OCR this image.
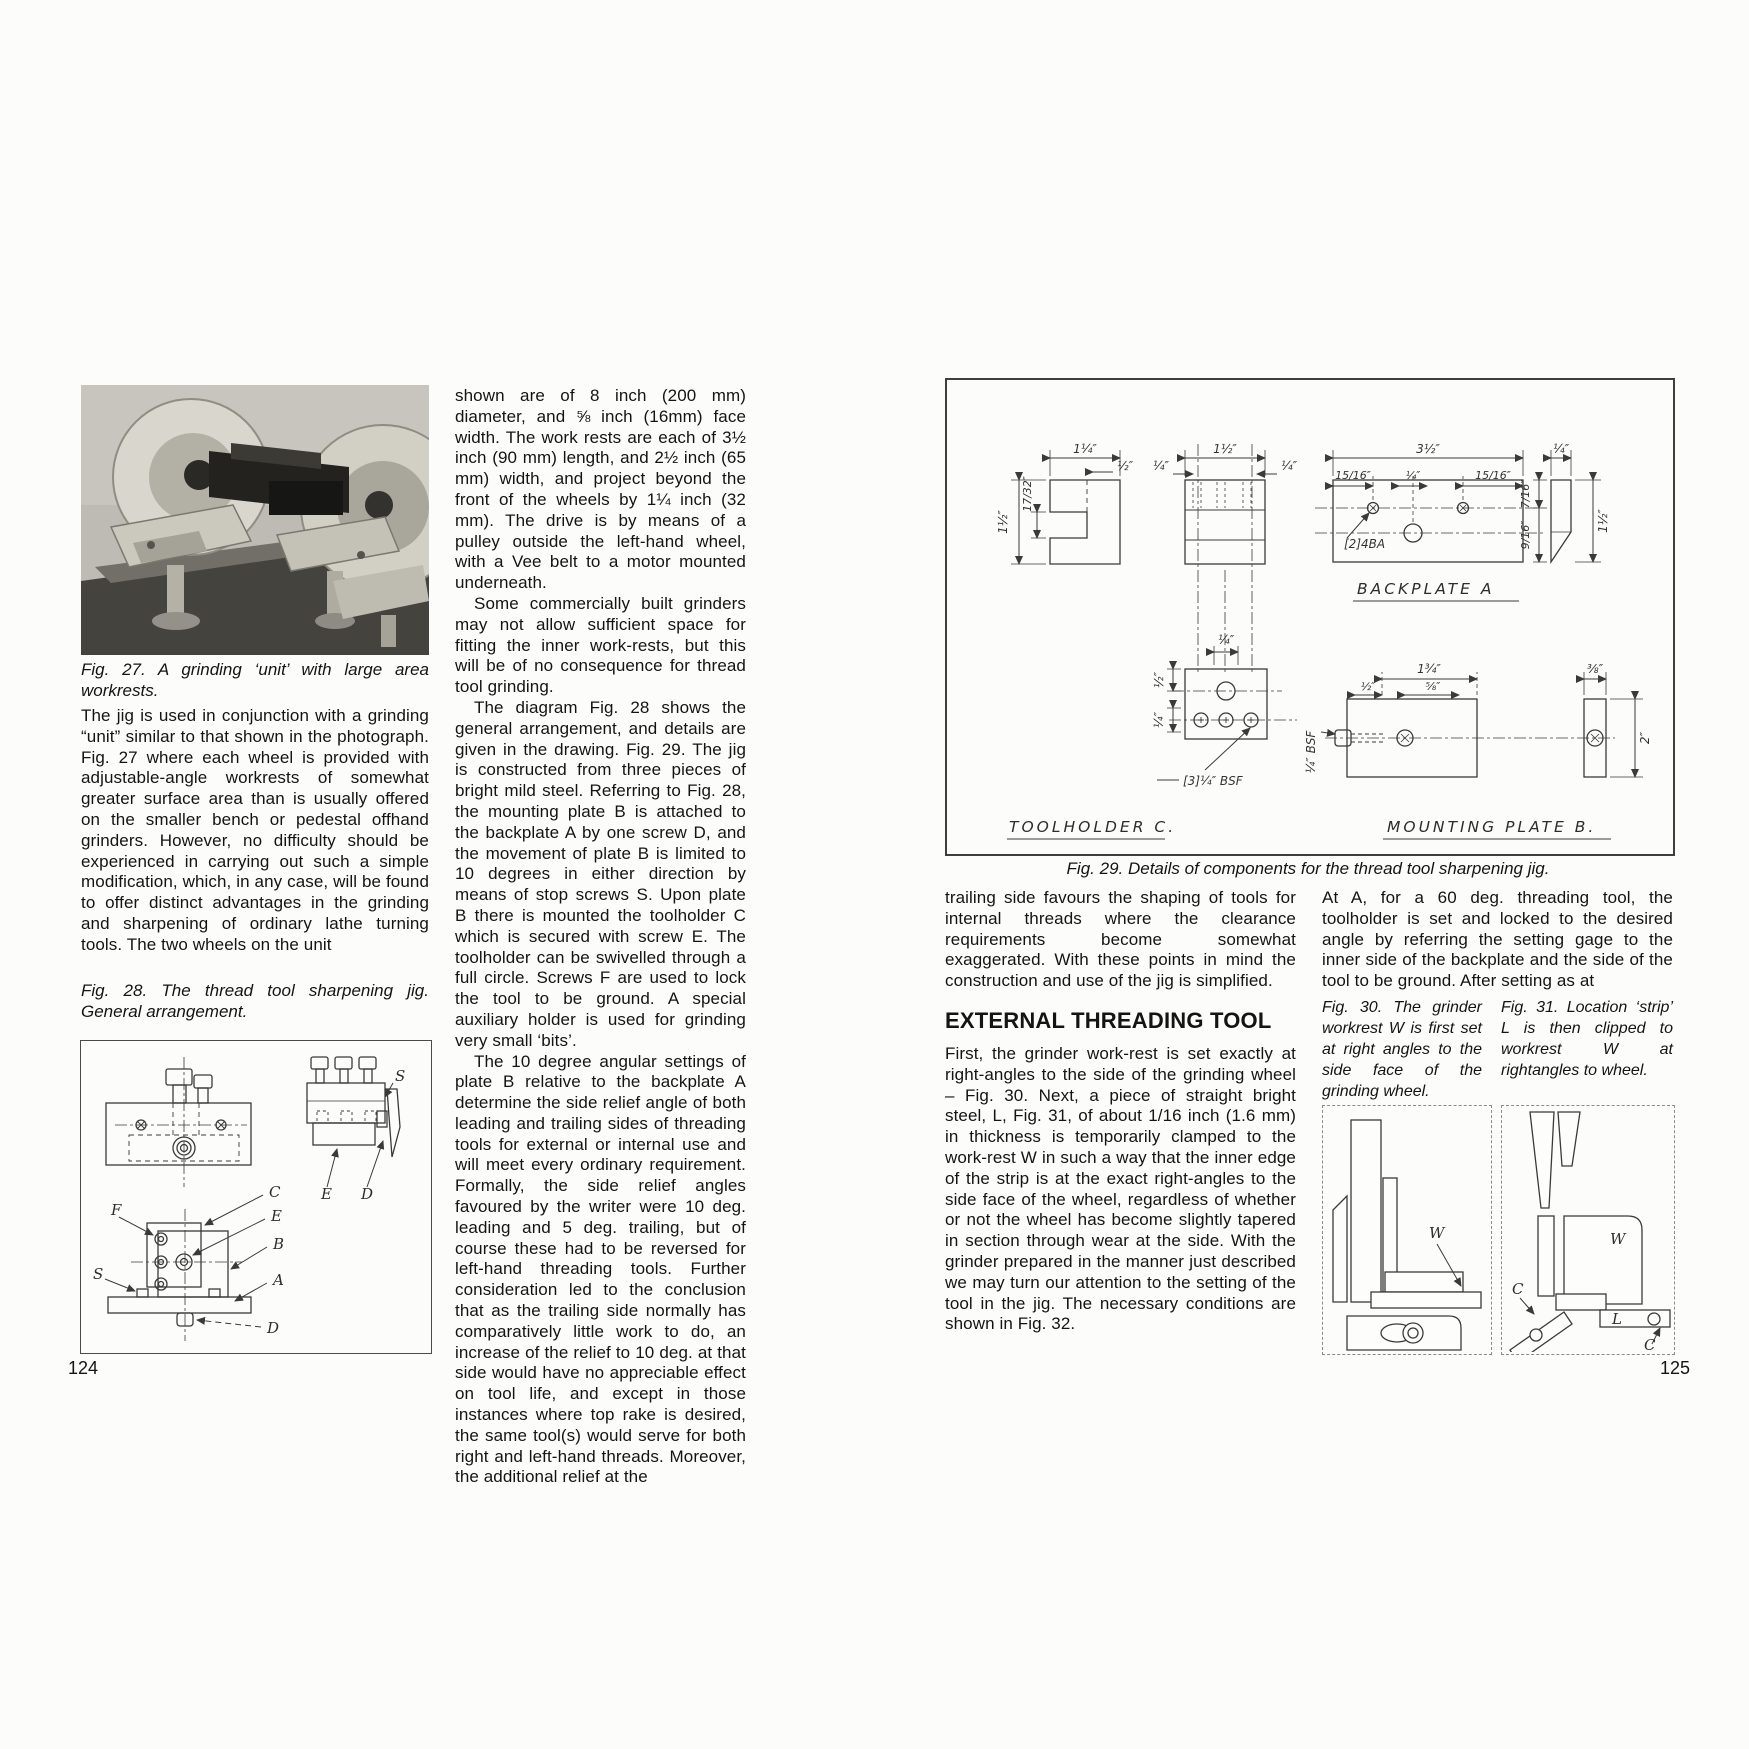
Fig. 27. A grinding ‘unit’ with large area workrests.
The jig is used in conjunction with a grinding “unit” similar to that shown in the photograph. Fig. 27 where each wheel is provided with adjustable-angle workrests of somewhat greater surface area than is usually offered on the smaller bench or pedestal offhand grinders. However, no difficulty should be experienced in carrying out such a simple modification, which, in any case, will be found to offer distinct advantages in the grinding and sharpening of ordinary lathe turning tools. The two wheels on the unit
Fig. 28. The thread tool sharpening jig. General arrangement.
S
E D
F
C
E
B
A
S
D
124

shown are of 8 inch (200 mm) diameter, and ⅝ inch (16mm) face width. The work rests are each of 3½ inch (90 mm) length, and 2½ inch (65 mm) width, and project beyond the front of the wheels by 1¼ inch (32 mm). The drive is by means of a pulley outside the left-hand wheel, with a Vee belt to a motor mounted underneath.

Some commercially built grinders may not allow sufficient space for fitting the inner work-rests, but this will be of no consequence for thread tool grinding.

The diagram Fig. 28 shows the general arrangement, and details are given in the drawing. Fig. 29. The jig is constructed from three pieces of bright mild steel. Referring to Fig. 28, the mounting plate B is attached to the backplate A by one screw D, and the movement of plate B is limited to 10 degrees in either direction by means of stop screws S. Upon plate B there is mounted the toolholder C which is secured with screw E. The toolholder can be swivelled through a full circle. Screws F are used to lock the tool to be ground. A special auxiliary holder is used for grinding very small ‘bits’.

The 10 degree angular settings of plate B relative to the backplate A determine the side relief angle of both leading and trailing sides of threading tools for external or internal use and will meet every ordinary requirement. Formally, the side relief angles favoured by the writer were 10 deg. leading and 5 deg. trailing, but of course these had to be reversed for left-hand threading tools. Further consideration led to the conclusion that as the trailing side normally has comparatively little work to do, an increase of the relief to 10 deg. at that side would have no appreciable effect on tool life, and except in those instances where top rake is desired, the same tool(s) would serve for both right and left-hand threads. Moreover, the additional relief at the

1¼″
½″
1½″
17/32″
1½″
¼″	¼″
¼″
½″
¼″
[3]¼″ BSF
TOOLHOLDER C.
3½″
15/16″	¼″	15/16″
[2]4BA
¼″
7/16″
9/16″	1½″
BACKPLATE A
1¾″
½″	⅝″
¼″ BSF
⅜″
2″
MOUNTING PLATE B.
Fig. 29. Details of components for the thread tool sharpening jig.

trailing side favours the shaping of tools for internal threads where the clearance requirements become somewhat exaggerated. With these points in mind the construction and use of the jig is simplified.

EXTERNAL THREADING TOOL

First, the grinder work-rest is set exactly at right-angles to the side of the grinding wheel – Fig. 30. Next, a piece of straight bright steel, L, Fig. 31, of about 1/16 inch (1.6 mm) in thickness is temporarily clamped to the work-rest W in such a way that the inner edge of the strip is at the exact right-angles to the side face of the wheel, regardless of whether or not the wheel has become slightly tapered in section through wear at the side. With the grinder prepared in the manner just described we may turn our attention to the setting of the tool in the jig. The necessary conditions are shown in Fig. 32.

At A, for a 60 deg. threading tool, the toolholder is set and locked to the desired angle by referring the setting gage to the inner side of the backplate and the side of the tool to be ground. After setting as at

Fig. 30. The grinder workrest W is first set at right angles to the side face of the grinding wheel.
Fig. 31. Location ‘strip’ L is then clipped to workrest W at rightangles to wheel.
W	W
C
L
C
125
